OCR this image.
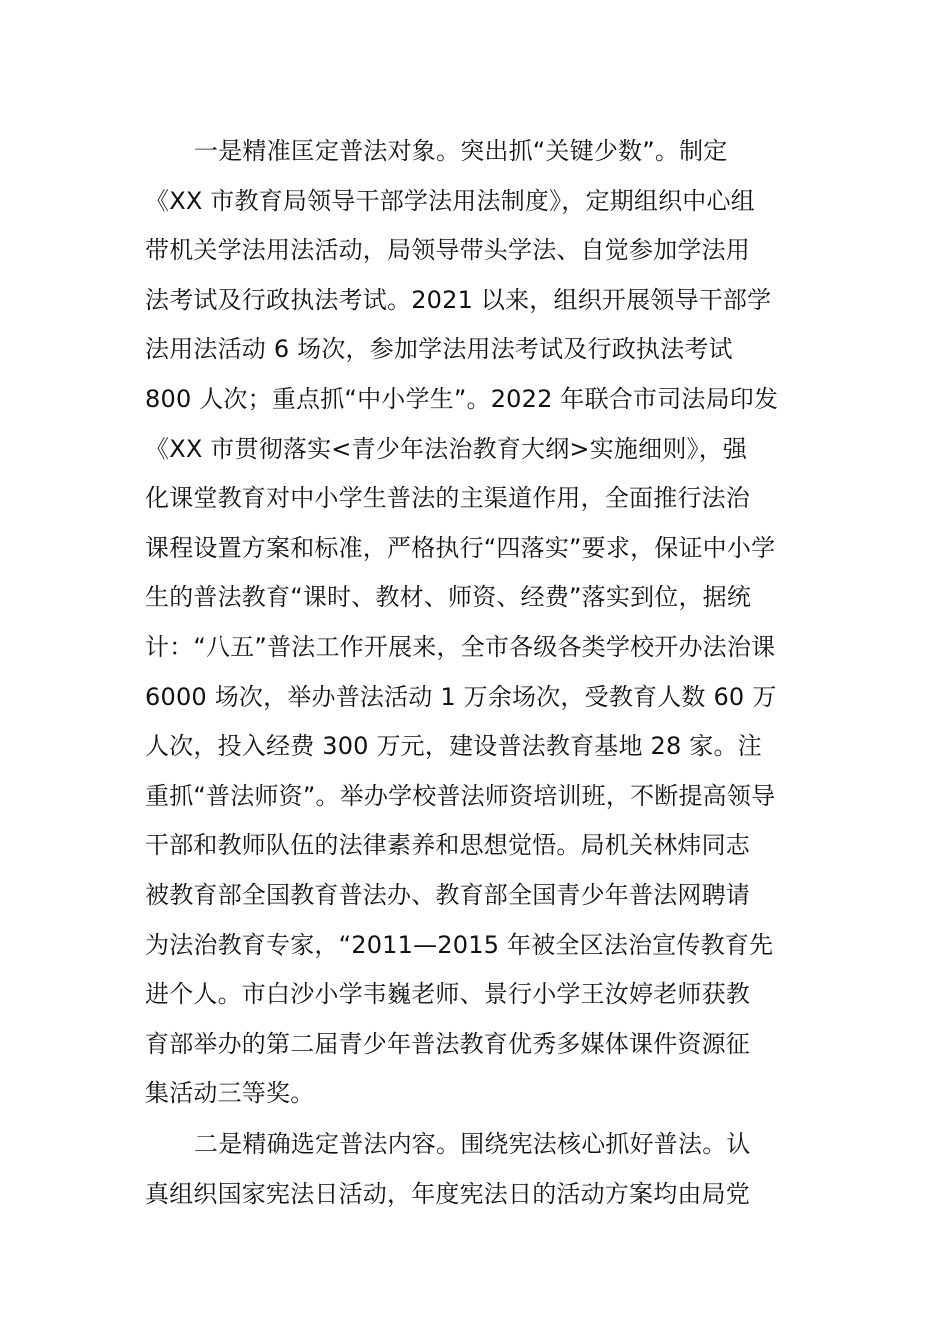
一是精准匡定普法对象。突出抓“关键少数”。制定
《XX 市教育局领导干部学法用法制度》，定期组织中心组
带机关学法用法活动，局领导带头学法、自觉参加学法用
法考试及行政执法考试。2021 以来，组织开展领导干部学
法用法活动 6 场次，参加学法用法考试及行政执法考试
800 人次；重点抓“中小学生”。2022 年联合市司法局印发
《XX 市贯彻落实<青少年法治教育大纲>实施细则》，强
化课堂教育对中小学生普法的主渠道作用，全面推行法治
课程设置方案和标准，严格执行“四落实”要求，保证中小学
生的普法教育“课时、教材、师资、经费”落实到位，据统
计：“八五”普法工作开展来，全市各级各类学校开办法治课
6000 场次，举办普法活动 1 万余场次，受教育人数 60 万
人次，投入经费 300 万元，建设普法教育基地 28 家。注
重抓“普法师资”。举办学校普法师资培训班，不断提高领导
干部和教师队伍的法律素养和思想觉悟。局机关林炜同志
被教育部全国教育普法办、教育部全国青少年普法网聘请
为法治教育专家，“2011—2015 年被全区法治宣传教育先
进个人。市白沙小学韦巍老师、景行小学王汝婷老师获教
育部举办的第二届青少年普法教育优秀多媒体课件资源征
集活动三等奖。
二是精确选定普法内容。围绕宪法核心抓好普法。认
真组织国家宪法日活动，年度宪法日的活动方案均由局党
